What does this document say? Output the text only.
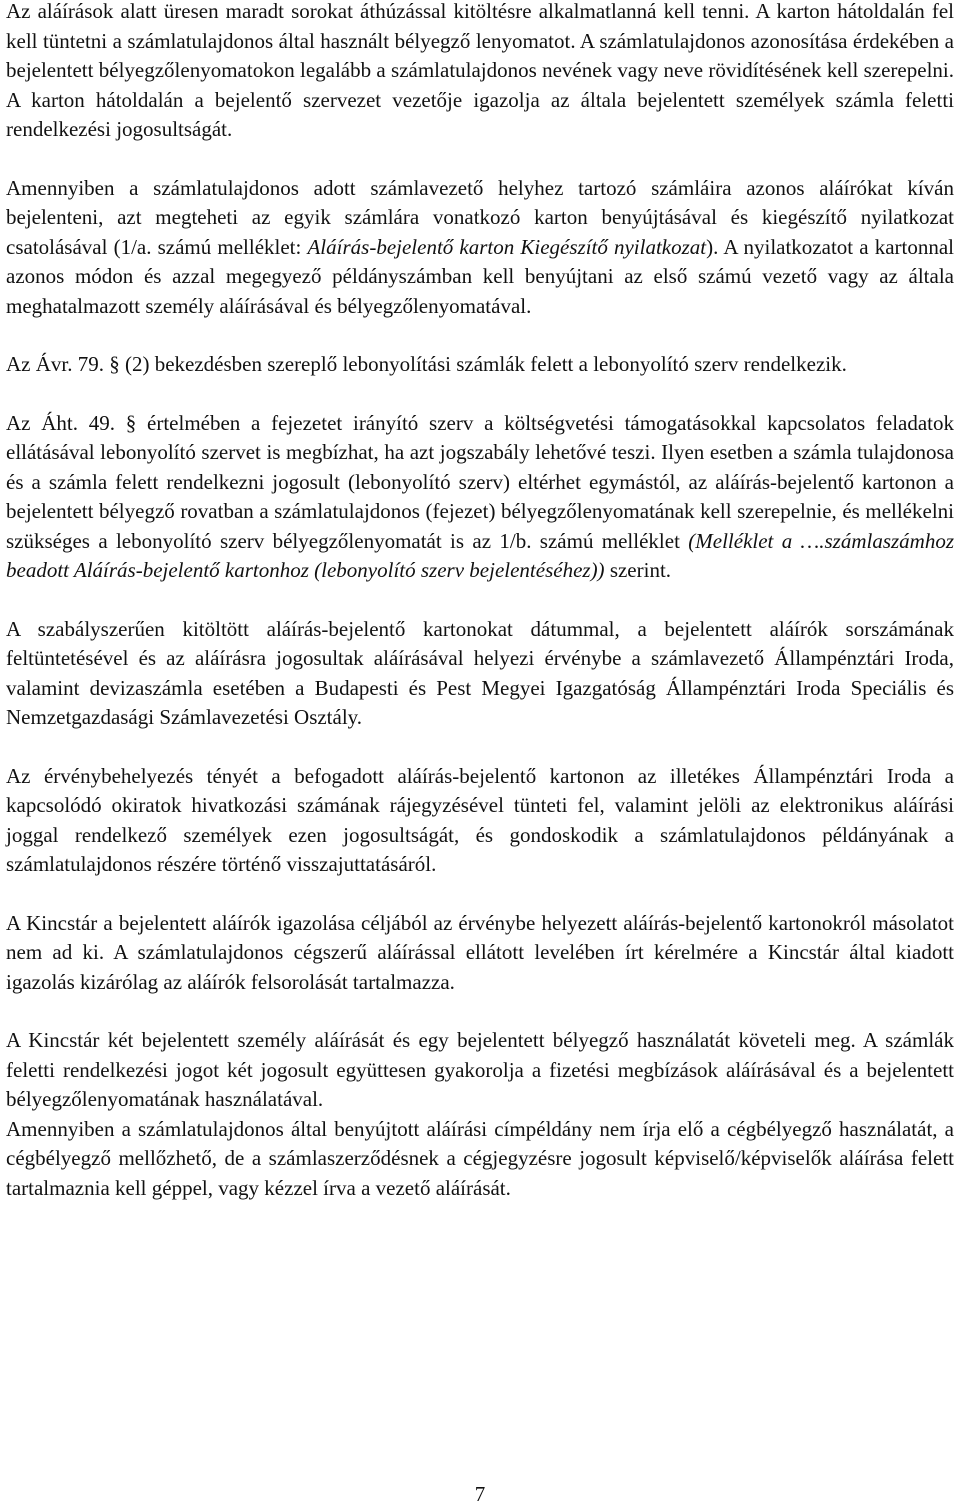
Az aláírások alatt üresen maradt sorokat áthúzással kitöltésre alkalmatlanná kell tenni. A karton hátoldalán fel kell tüntetni a számlatulajdonos által használt bélyegző lenyomatot. A számlatulajdonos azonosítása érdekében a bejelentett bélyegzőlenyomatokon legalább a számlatulajdonos nevének vagy neve rövidítésének kell szerepelni. A karton hátoldalán a bejelentő szervezet vezetője igazolja az általa bejelentett személyek számla feletti rendelkezési jogosultságát.

Amennyiben a számlatulajdonos adott számlavezető helyhez tartozó számláira azonos aláírókat kíván bejelenteni, azt megteheti az egyik számlára vonatkozó karton benyújtásával és kiegészítő nyilatkozat csatolásával (1/a. számú melléklet: Aláírás-bejelentő karton Kiegészítő nyilatkozat). A nyilatkozatot a kartonnal azonos módon és azzal megegyező példányszámban kell benyújtani az első számú vezető vagy az általa meghatalmazott személy aláírásával és bélyegzőlenyomatával.

Az Ávr. 79. § (2) bekezdésben szereplő lebonyolítási számlák felett a lebonyolító szerv rendelkezik.

Az Áht. 49. § értelmében a fejezetet irányító szerv a költségvetési támogatásokkal kapcsolatos feladatok ellátásával lebonyolító szervet is megbízhat, ha azt jogszabály lehetővé teszi. Ilyen esetben a számla tulajdonosa és a számla felett rendelkezni jogosult (lebonyolító szerv) eltérhet egymástól, az aláírás-bejelentő kartonon a bejelentett bélyegző rovatban a számlatulajdonos (fejezet) bélyegzőlenyomatának kell szerepelnie, és mellékelni szükséges a lebonyolító szerv bélyegzőlenyomatát is az 1/b. számú melléklet (Melléklet a ….számlaszámhoz beadott Aláírás-bejelentő kartonhoz (lebonyolító szerv bejelentéséhez)) szerint.

A szabályszerűen kitöltött aláírás-bejelentő kartonokat dátummal, a bejelentett aláírók sorszámának feltüntetésével és az aláírásra jogosultak aláírásával helyezi érvénybe a számlavezető Állampénztári Iroda, valamint devizaszámla esetében a Budapesti és Pest Megyei Igazgatóság Állampénztári Iroda Speciális és Nemzetgazdasági Számlavezetési Osztály.

Az érvénybehelyezés tényét a befogadott aláírás-bejelentő kartonon az illetékes Állampénztári Iroda a kapcsolódó okiratok hivatkozási számának rájegyzésével tünteti fel, valamint jelöli az elektronikus aláírási joggal rendelkező személyek ezen jogosultságát, és gondoskodik a számlatulajdonos példányának a számlatulajdonos részére történő visszajuttatásáról.

A Kincstár a bejelentett aláírók igazolása céljából az érvénybe helyezett aláírás-bejelentő kartonokról másolatot nem ad ki. A számlatulajdonos cégszerű aláírással ellátott levelében írt kérelmére a Kincstár által kiadott igazolás kizárólag az aláírók felsorolását tartalmazza.

A Kincstár két bejelentett személy aláírását és egy bejelentett bélyegző használatát követeli meg. A számlák feletti rendelkezési jogot két jogosult együttesen gyakorolja a fizetési megbízások aláírásával és a bejelentett bélyegzőlenyomatának használatával.

Amennyiben a számlatulajdonos által benyújtott aláírási címpéldány nem írja elő a cégbélyegző használatát, a cégbélyegző mellőzhető, de a számlaszerződésnek a cégjegyzésre jogosult képviselő/képviselők aláírása felett tartalmaznia kell géppel, vagy kézzel írva a vezető aláírását.

7
